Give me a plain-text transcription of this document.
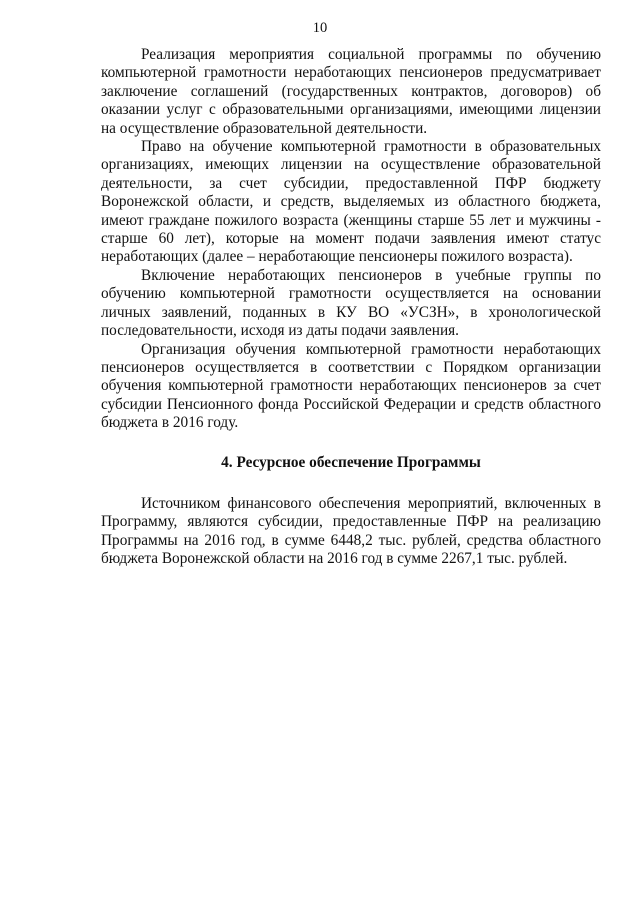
10

Реализация мероприятия социальной программы по обучению компьютерной грамотности неработающих пенсионеров предусматривает заключение соглашений (государственных контрактов, договоров) об оказании услуг с образовательными организациями, имеющими лицензии на осуществление образовательной деятельности.

Право на обучение компьютерной грамотности в образовательных организациях, имеющих лицензии на осуществление образовательной деятельности, за счет субсидии, предоставленной ПФР бюджету Воронежской области, и средств, выделяемых из областного бюджета, имеют граждане пожилого возраста (женщины старше 55 лет и мужчины - старше 60 лет), которые на момент подачи заявления имеют статус неработающих (далее – неработающие пенсионеры пожилого возраста).

Включение неработающих пенсионеров в учебные группы по обучению компьютерной грамотности осуществляется на основании личных заявлений, поданных в КУ ВО «УСЗН», в хронологической последовательности, исходя из даты подачи заявления.

Организация обучения компьютерной грамотности неработающих пенсионеров осуществляется в соответствии с Порядком организации обучения компьютерной грамотности неработающих пенсионеров за счет субсидии Пенсионного фонда Российской Федерации и средств областного бюджета в 2016 году.

4. Ресурсное обеспечение Программы

Источником финансового обеспечения мероприятий, включенных в Программу, являются субсидии, предоставленные ПФР на реализацию Программы на 2016 год, в сумме 6448,2 тыс. рублей, средства областного бюджета Воронежской области на 2016 год в сумме 2267,1 тыс. рублей.
